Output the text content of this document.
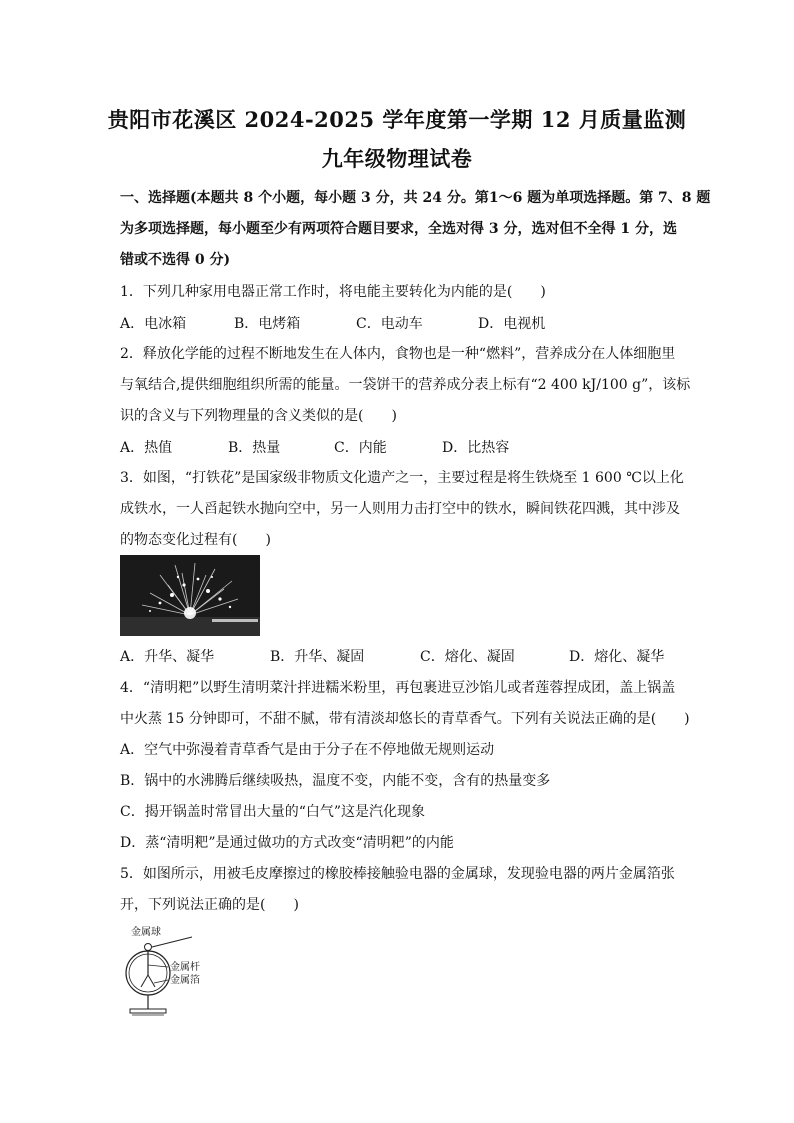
贵阳市花溪区 2024-2025 学年度第一学期 12 月质量监测
九年级物理试卷
一、选择题(本题共 8 个小题，每小题 3 分，共 24 分。第1～6 题为单项选择题。第 7、8 题
为多项选择题，每小题至少有两项符合题目要求，全选对得 3 分，选对但不全得 1 分，选
错或不选得 0 分)
1．下列几种家用电器正常工作时，将电能主要转化为内能的是(　　)
A．电冰箱	B．电烤箱	C．电动车	D．电视机
2．释放化学能的过程不断地发生在人体内，食物也是一种“燃料”，营养成分在人体细胞里
与氧结合,提供细胞组织所需的能量。一袋饼干的营养成分表上标有“2 400 kJ/100 g”，该标
识的含义与下列物理量的含义类似的是(　　)
A．热值	B．热量	C．内能	D．比热容
3．如图，“打铁花”是国家级非物质文化遗产之一，主要过程是将生铁烧至 1 600 ℃以上化
成铁水，一人舀起铁水抛向空中，另一人则用力击打空中的铁水，瞬间铁花四溅，其中涉及
的物态变化过程有(　　)
A．升华、凝华	B．升华、凝固	C．熔化、凝固	D．熔化、凝华
4．“清明粑”以野生清明菜汁拌进糯米粉里，再包裹进豆沙馅儿或者莲蓉捏成团，盖上锅盖
中火蒸 15 分钟即可，不甜不腻，带有清淡却悠长的青草香气。下列有关说法正确的是(　　)
A．空气中弥漫着青草香气是由于分子在不停地做无规则运动
B．锅中的水沸腾后继续吸热，温度不变，内能不变，含有的热量变多
C．揭开锅盖时常冒出大量的“白气”这是汽化现象
D．蒸“清明粑”是通过做功的方式改变“清明粑”的内能
5．如图所示，用被毛皮摩擦过的橡胶棒接触验电器的金属球，发现验电器的两片金属箔张
开，下列说法正确的是(　　)
金属球
金属杆
金属箔
